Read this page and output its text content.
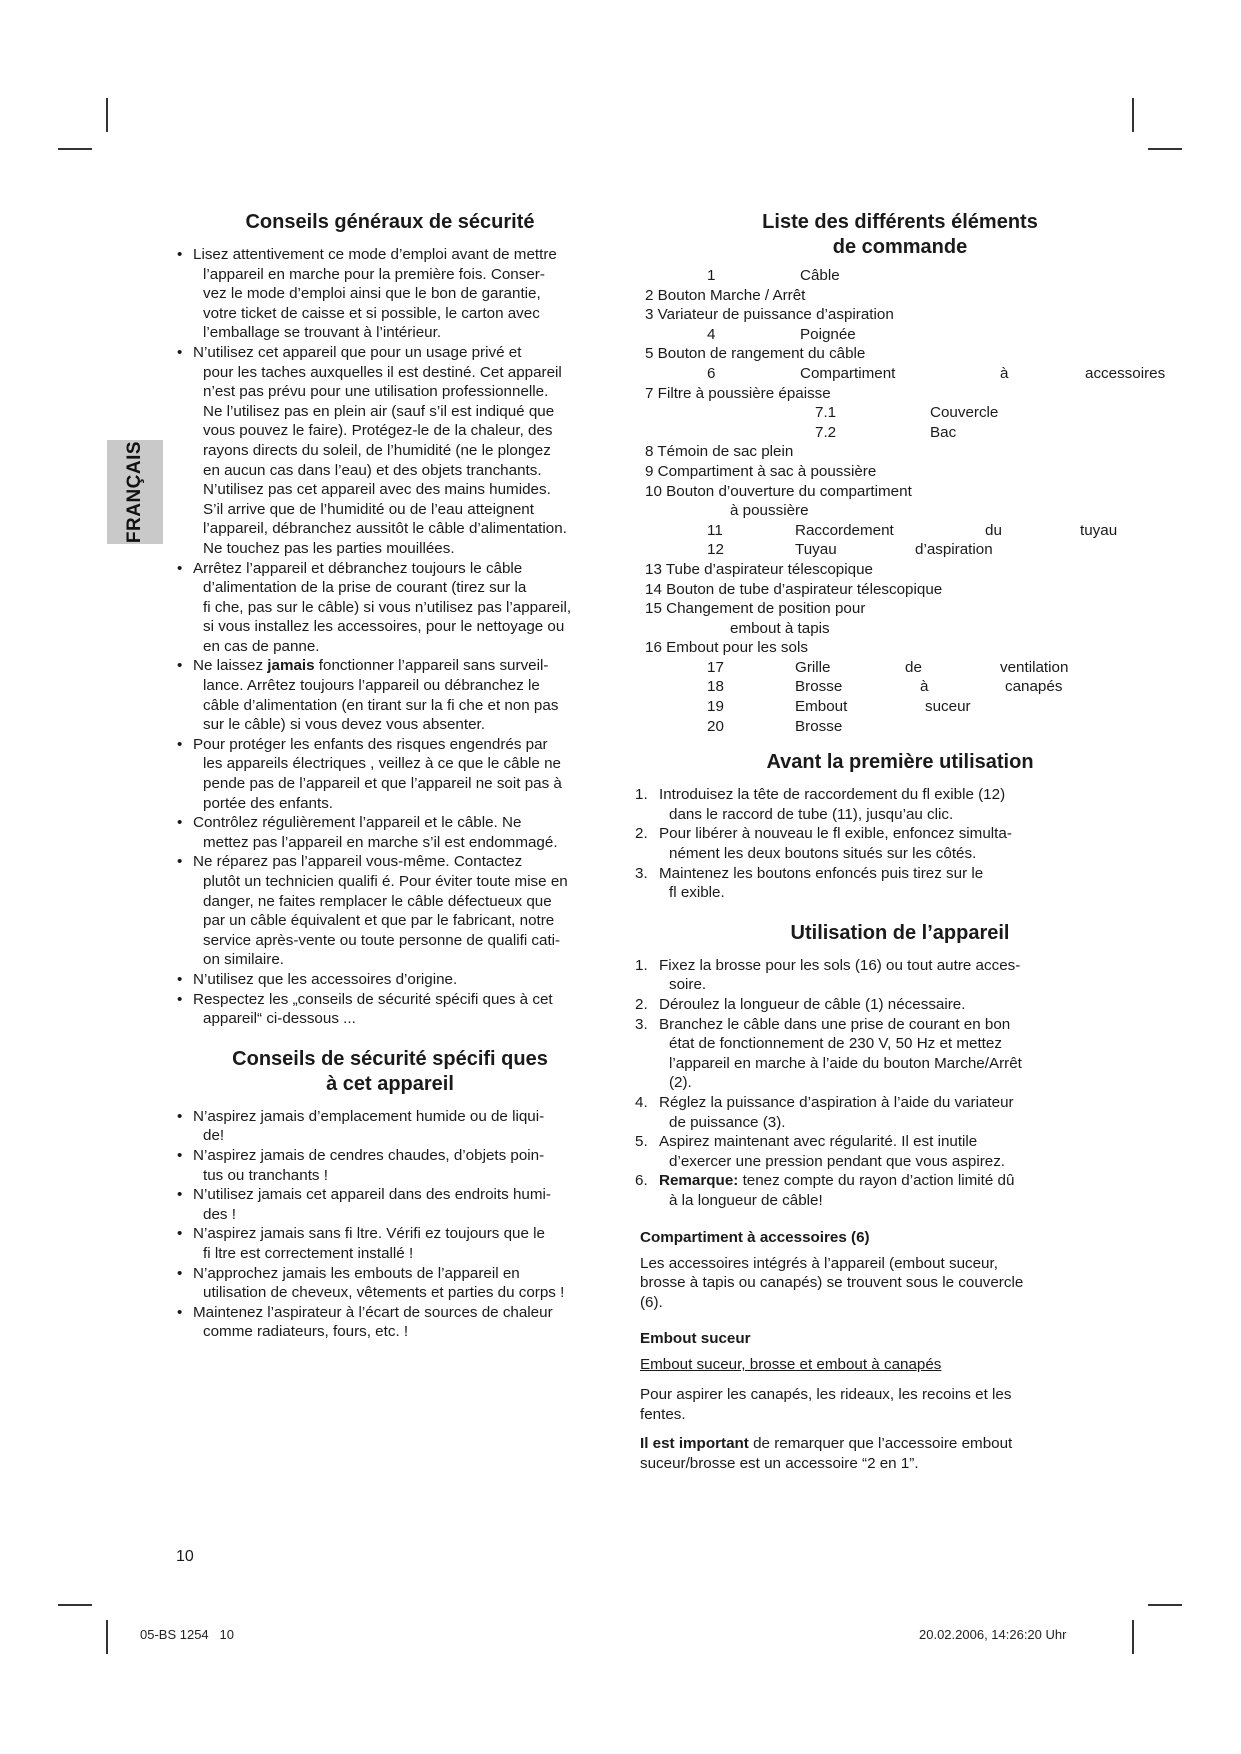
FRANÇAIS
Conseils généraux de sécurité
• Lisez attentivement ce mode d’emploi avant de mettre

l’appareil en marche pour la première fois. Conser-
vez le mode d’emploi ainsi que le bon de garantie,
votre ticket de caisse et si possible, le carton avec
l’emballage se trouvant à l’intérieur.
• N’utilisez cet appareil que pour un usage privé et

pour les taches auxquelles il est destiné. Cet appareil
n’est pas prévu pour une utilisation professionnelle.
Ne l’utilisez pas en plein air (sauf s’il est indiqué que
vous pouvez le faire). Protégez-le de la chaleur, des
rayons directs du soleil, de l’humidité (ne le plongez
en aucun cas dans l’eau) et des objets tranchants.
N’utilisez pas cet appareil avec des mains humides.
S’il arrive que de l’humidité ou de l’eau atteignent
l’appareil, débranchez aussitôt le câble d’alimentation.
Ne touchez pas les parties mouillées.
• Arrêtez l’appareil et débranchez toujours le câble

d’alimentation de la prise de courant (tirez sur la
fi che, pas sur le câble) si vous n’utilisez pas l’appareil,
si vous installez les accessoires, pour le nettoyage ou
en cas de panne.
• Ne laissez jamais fonctionner l’appareil sans surveil-

lance. Arrêtez toujours l’appareil ou débranchez le
câble d’alimentation (en tirant sur la fi che et non pas
sur le câble) si vous devez vous absenter.
• Pour protéger les enfants des risques engendrés par

les appareils électriques , veillez à ce que le câble ne
pende pas de l’appareil et que l’appareil ne soit pas à
portée des enfants.
• Contrôlez régulièrement l’appareil et le câble. Ne

mettez pas l’appareil en marche s’il est endommagé.
• Ne réparez pas l’appareil vous-même. Contactez

plutôt un technicien qualifi é. Pour éviter toute mise en
danger, ne faites remplacer le câble défectueux que
par un câble équivalent et que par le fabricant, notre
service après-vente ou toute personne de qualifi cati-
on similaire.
• N’utilisez que les accessoires d’origine.

• Respectez les „conseils de sécurité spécifi ques à cet

appareil“ ci-dessous ...
Conseils de sécurité spécifi ques
à cet appareil
• N’aspirez jamais d’emplacement humide ou de liqui-

de!
• N’aspirez jamais de cendres chaudes, d’objets poin-

tus ou tranchants !
• N’utilisez jamais cet appareil dans des endroits humi-

des !
• N’aspirez jamais sans fi ltre. Vérifi ez toujours que le

fi ltre est correctement installé !
• N’approchez jamais les embouts de l’appareil en

utilisation de cheveux, vêtements et parties du corps !
• Maintenez l’aspirateur à l’écart de sources de chaleur

comme radiateurs, fours, etc. !
Liste des différents éléments
de commande
1	Câble
2 Bouton Marche / Arrêt
3 Variateur de puissance d’aspiration
4	Poignée
5 Bouton de rangement du câble
6	Compartiment	à	accessoires
7 Filtre à poussière épaisse
7.1	Couvercle
7.2	Bac
8 Témoin de sac plein
9 Compartiment à sac à poussière
10 Bouton d’ouverture du compartiment
à poussière
11	Raccordement	du	tuyau
12	Tuyau	d’aspiration
13 Tube d’aspirateur télescopique
14 Bouton de tube d’aspirateur télescopique
15 Changement de position pour
embout à tapis
16 Embout pour les sols
17	Grille	de	ventilation
18	Brosse	à	canapés
19	Embout	suceur
20	Brosse
Avant la première utilisation
1. Introduisez la tête de raccordement du fl exible (12)

dans le raccord de tube (11), jusqu’au clic.
2. Pour libérer à nouveau le fl exible, enfoncez simulta-

nément les deux boutons situés sur les côtés.
3. Maintenez les boutons enfoncés puis tirez sur le

fl exible.
Utilisation de l’appareil
1. Fixez la brosse pour les sols (16) ou tout autre acces-

soire.
2. Déroulez la longueur de câble (1) nécessaire.

3. Branchez le câble dans une prise de courant en bon

état de fonctionnement de 230 V, 50 Hz et mettez
l’appareil en marche à l’aide du bouton Marche/Arrêt
(2).
4. Réglez la puissance d’aspiration à l’aide du variateur

de puissance (3).
5. Aspirez maintenant avec régularité. Il est inutile

d’exercer une pression pendant que vous aspirez.
6. Remarque: tenez compte du rayon d’action limité dû

à la longueur de câble!
Compartiment à accessoires (6)
Les accessoires intégrés à l’appareil (embout suceur,
brosse à tapis ou canapés) se trouvent sous le couvercle
(6).
Embout suceur
Embout suceur, brosse et embout à canapés
Pour aspirer les canapés, les rideaux, les recoins et les
fentes.
Il est important de remarquer que l’accessoire embout
suceur/brosse est un accessoire “2 en 1”.
10
05-BS 1254   10	20.02.2006, 14:26:20 Uhr
